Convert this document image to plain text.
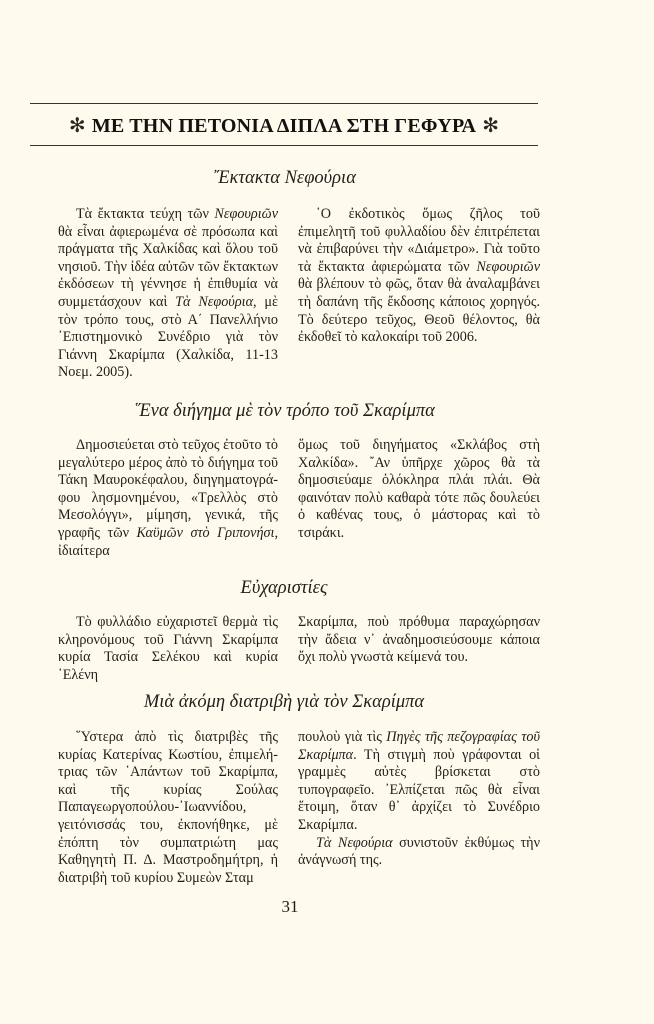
✻ ΜΕ ΤΗΝ ΠΕΤΟΝΙΑ ΔΙΠΛΑ ΣΤΗ ΓΕΦΥΡΑ ✻
῎Εκτακτα Νεφούρια

Τὰ ἔκτακτα τεύχη τῶν Νεφουριῶν θὰ εἶναι ἀφιερωμένα σὲ πρόσωπα καὶ πράγματα τῆς Χαλκίδας καὶ ὅλου τοῦ νησιοῦ. Τὴν ἰδέα αὐτῶν τῶν ἔκτακτων ἐκδόσεων τὴ γέννησε ἡ ἐπιθυμία νὰ συμμετάσχουν καὶ Τὰ Νεφούρια, μὲ τὸν τρόπο τους, στὸ Α΄ Πανελλήνιο ᾽Επιστημονικὸ Συνέδριο γιὰ τὸν Γιάννη Σκαρίμπα (Χαλκίδα, 11-13 Νοεμ. 2005).

῾Ο ἐκδοτικὸς ὅμως ζῆλος τοῦ ἐπιμελητῆ τοῦ φυλλαδίου δὲν ἐπιτρέπεται νὰ ἐπιβαρύνει τὴν «Διάμετρο». Γιὰ τοῦτο τὰ ἔκτακτα ἀφιερώματα τῶν Νεφουριῶν θὰ βλέπουν τὸ φῶς, ὅταν θὰ ἀναλαμβάνει τὴ δαπάνη τῆς ἔκδοσης κάποιος χορηγός. Τὸ δεύτερο τεῦχος, Θεοῦ θέλοντος, θὰ ἐκδοθεῖ τὸ καλοκαίρι τοῦ 2006.

῞Ενα διήγημα μὲ τὸν τρόπο τοῦ Σκαρίμπα

Δημοσιεύεται στὸ τεῦχος ἐτοῦτο τὸ μεγαλύτερο μέρος ἀπὸ τὸ διήγημα τοῦ Τάκη Μαυροκέφαλου, διηγηματογράφου λησμονημένου, «Τρελλὸς στὸ Μεσολόγγι», μίμηση, γενικά, τῆς γραφῆς τῶν Καϋμῶν στὸ Γριπονήσι, ἰδιαίτερα

ὅμως τοῦ διηγήματος «Σκλάβος στὴ Χαλκίδα». ῎Αν ὑπῆρχε χῶρος θὰ τὰ δημοσιεύαμε ὁλόκληρα πλάι πλάι. Θὰ φαινόταν πολὺ καθαρὰ τότε πῶς δουλεύει ὁ καθένας τους, ὁ μάστορας καὶ τὸ τσιράκι.

Εὐχαριστίες

Τὸ φυλλάδιο εὐχαριστεῖ θερμὰ τὶς κληρονόμους τοῦ Γιάννη Σκαρίμπα κυρία Τασία Σελέκου καὶ κυρία ῾Ελένη

Σκαρίμπα, ποὺ πρόθυμα παραχώρησαν τὴν ἄδεια ν᾽ ἀναδημοσιεύσουμε κάποια ὄχι πολὺ γνωστὰ κείμενά του.

Μιὰ ἀκόμη διατριβὴ γιὰ τὸν Σκαρίμπα

῞Υστερα ἀπὸ τὶς διατριβὲς τῆς κυρίας Κατερίνας Κωστίου, ἐπιμελήτριας τῶν ῾Απάντων τοῦ Σκαρίμπα, καὶ τῆς κυρίας Σούλας Παπαγεωργοπούλου-᾽Ιωαννίδου, γειτόνισσάς του, ἐκπονήθηκε, μὲ ἐπόπτη τὸν συμπατριώτη μας Καθηγητὴ Π. Δ. Μαστροδημήτρη, ἡ διατριβὴ τοῦ κυρίου Συμεὼν Σταμ

πουλοὺ γιὰ τὶς Πηγὲς τῆς πεζογραφίας τοῦ Σκαρίμπα. Τὴ στιγμὴ ποὺ γράφονται οἱ γραμμὲς αὐτὲς βρίσκεται στὸ τυπογραφεῖο. ᾽Ελπίζεται πῶς θὰ εἶναι ἕτοιμη, ὅταν θ᾽ ἀρχίζει τὸ Συνέδριο Σκαρίμπα.

Τὰ Νεφούρια συνιστοῦν ἐκθύμως τὴν ἀνάγνωσή της.

31
